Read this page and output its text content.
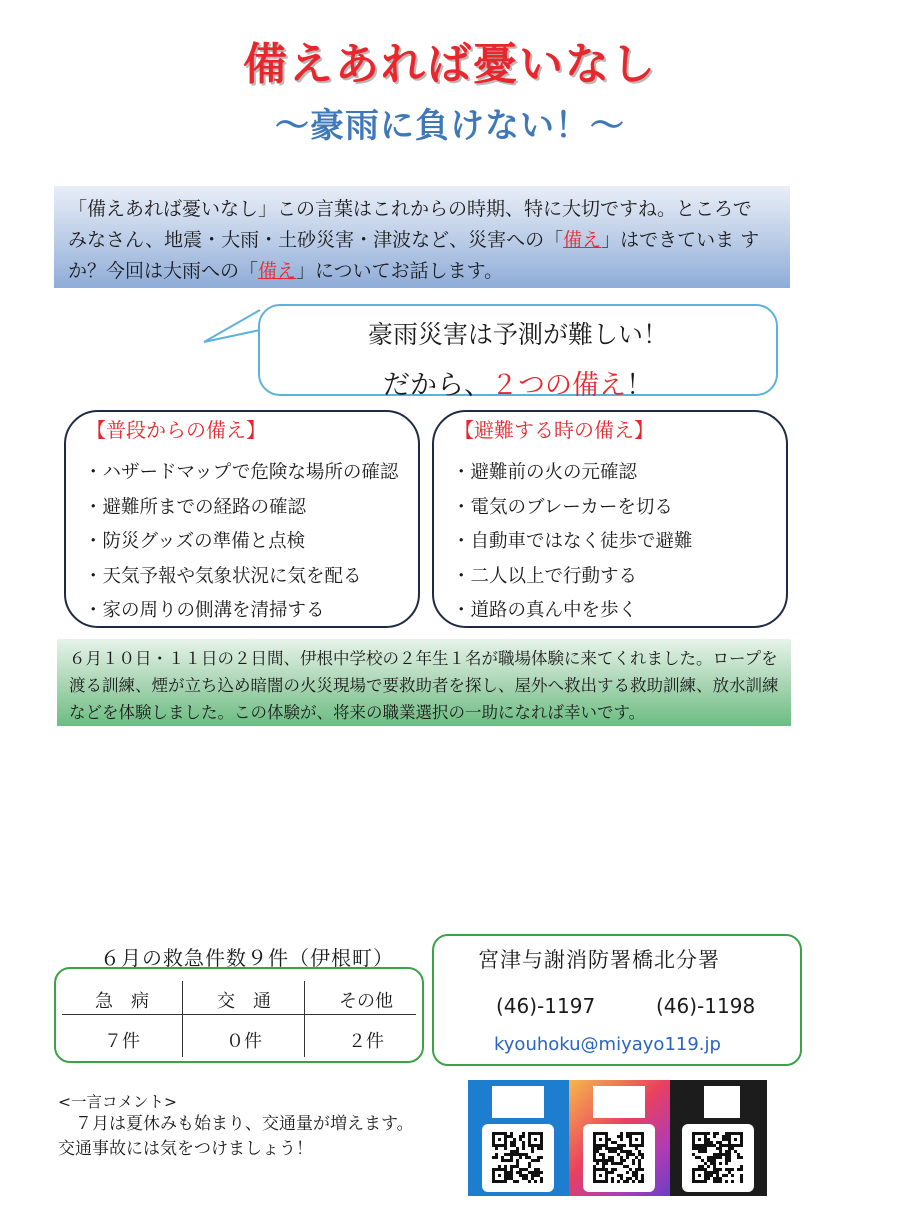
備えあれば憂いなし
～豪雨に負けない！～
「備えあれば憂いなし」この言葉はこれからの時期、特に大切ですね。ところで
みなさん、地震・大雨・土砂災害・津波など、災害への「備え」はできていま す
か？今回は大雨への「備え」についてお話します。
豪雨災害は予測が難しい！
だから、２つの備え！
【普段からの備え】
・ ハザードマップで危険な場所の確認
・ 避難所までの経路の確認
・ 防災グッズの準備と点検
・ 天気予報や気象状況に気を配る
・ 家の周りの側溝を清掃する
【避難する時の備え】
・ 避難前の火の元確認
・ 電気のブレーカーを切る
・ 自動車ではなく徒歩で避難
・ 二人以上で行動する
・ 道路の真ん中を歩く
６月１０日・１１日の２日間、伊根中学校の２年生１名が職場体験に来てくれました。ロープを渡る訓練、煙が立ち込め暗闇の火災現場で要救助者を探し、屋外へ救出する救助訓練、放水訓練などを体験しました。この体験が、将来の職業選択の一助になれば幸いです。
６月の救急件数９件（伊根町）
急　病	交　通	その他
７件	０件	２件
宮津与謝消防署橋北分署
(46)-1197	(46)-1198
kyouhoku@miyayo119.jp
<一言コメント>
７月は夏休みも始まり、交通量が増えます。交通事故には気をつけましょう！
